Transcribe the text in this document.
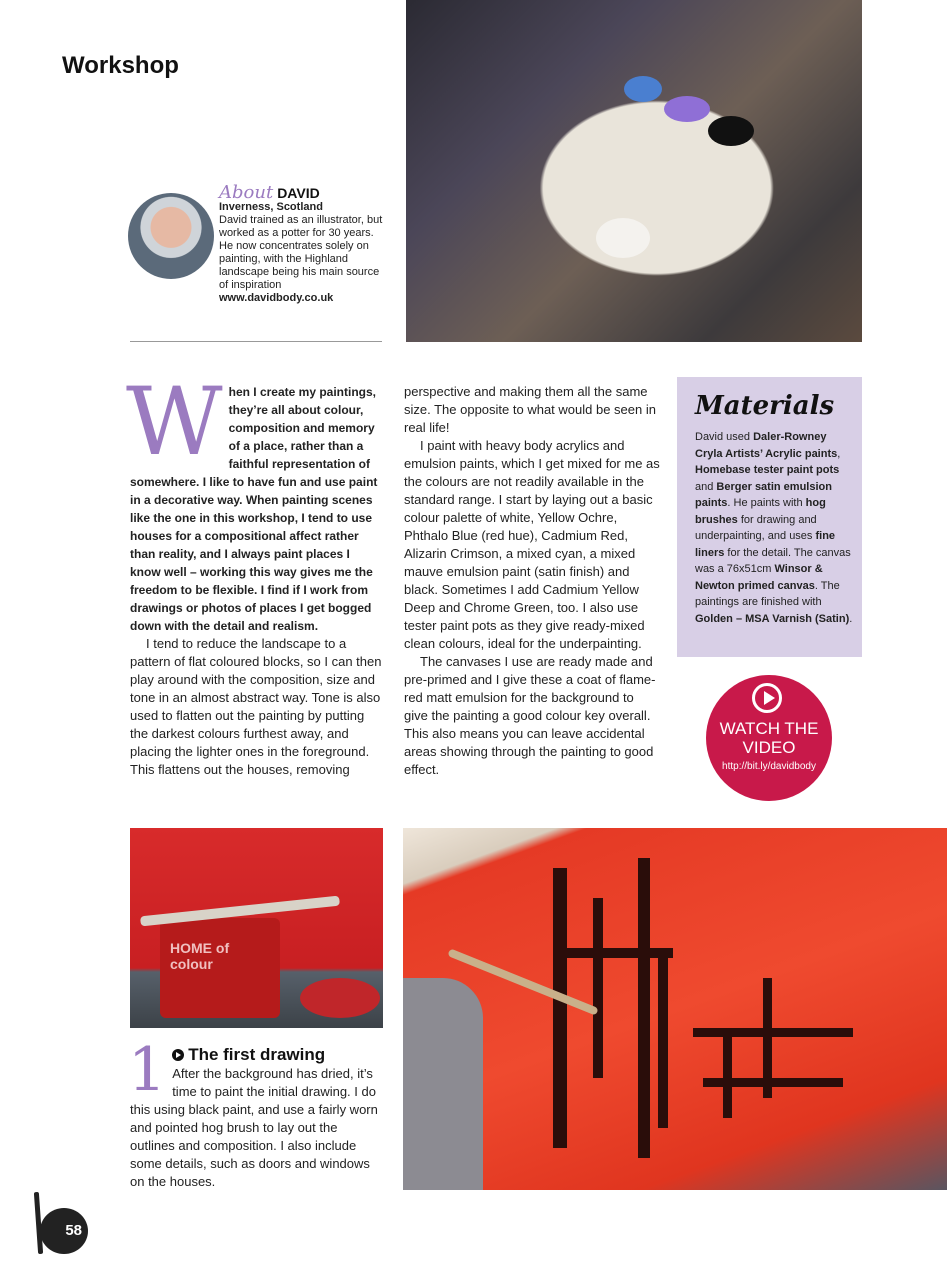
Workshop
About DAVID
Inverness, Scotland
David trained as an illustrator, but worked as a potter for 30 years. He now concentrates solely on painting, with the Highland landscape being his main source of inspiration
www.davidbody.co.uk
W hen I create my paintings, they’re all about colour, composition and memory of a place, rather than a faithful representation of somewhere. I like to have fun and use paint in a decorative way. When painting scenes like the one in this workshop, I tend to use houses for a compositional affect rather than reality, and I always paint places I know well – working this way gives me the freedom to be flexible. I find if I work from drawings or photos of places I get bogged down with the detail and realism.

I tend to reduce the landscape to a pattern of flat coloured blocks, so I can then play around with the composition, size and tone in an almost abstract way. Tone is also used to flatten out the painting by putting the darkest colours furthest away, and placing the lighter ones in the foreground. This flattens out the houses, removing

perspective and making them all the same size. The opposite to what would be seen in real life!

I paint with heavy body acrylics and emulsion paints, which I get mixed for me as the colours are not readily available in the standard range. I start by laying out a basic colour palette of white, Yellow Ochre, Phthalo Blue (red hue), Cadmium Red, Alizarin Crimson, a mixed cyan, a mixed mauve emulsion paint (satin finish) and black. Sometimes I add Cadmium Yellow Deep and Chrome Green, too. I also use tester paint pots as they give ready-mixed clean colours, ideal for the underpainting.

The canvases I use are ready made and pre-primed and I give these a coat of flame-red matt emulsion for the background to give the painting a good colour key overall. This also means you can leave accidental areas showing through the painting to good effect.

Materials
David used Daler-Rowney Cryla Artists’ Acrylic paints, Homebase tester paint pots and Berger satin emulsion paints. He paints with hog brushes for drawing and underpainting, and uses fine liners for the detail. The canvas was a 76x51cm Winsor & Newton primed canvas. The paintings are finished with Golden – MSA Varnish (Satin).
WATCH THE
VIDEO
http://bit.ly/davidbody
HOME of colour
1 The first drawing
After the background has dried, it’s time to paint the initial drawing. I do this using black paint, and use a fairly worn and pointed hog brush to lay out the outlines and composition. I also include some details, such as doors and windows on the houses.
58
